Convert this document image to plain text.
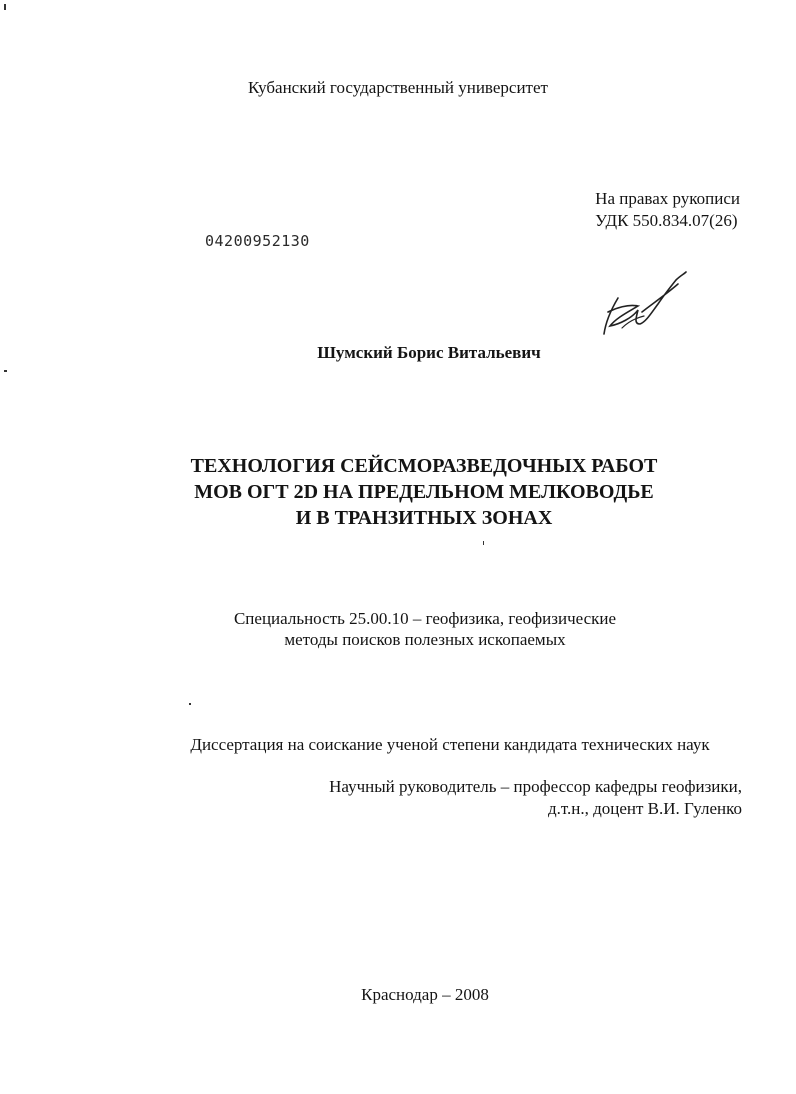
Кубанский государственный университет
На правах рукописи
УДК 550.834.07(26)
04200952130
Шумский Борис Витальевич
ТЕХНОЛОГИЯ СЕЙСМОРАЗВЕДОЧНЫХ РАБОТ
МОВ ОГТ 2D НА ПРЕДЕЛЬНОМ МЕЛКОВОДЬЕ
И В ТРАНЗИТНЫХ ЗОНАХ
Специальность 25.00.10 – геофизика, геофизические
методы поисков полезных ископаемых
Диссертация на соискание ученой степени кандидата технических наук
Научный руководитель – профессор кафедры геофизики,
д.т.н., доцент В.И. Гуленко
Краснодар – 2008
